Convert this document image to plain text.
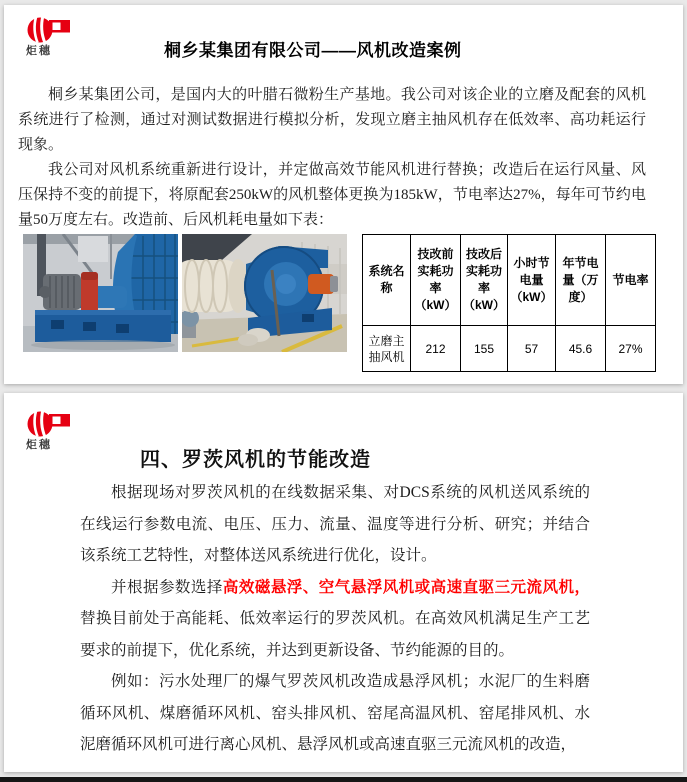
炬穗	桐乡某集团有限公司——风机改造案例

桐乡某集团公司，是国内大的叶腊石微粉生产基地。我公司对该企业的立磨及配套的风机系统进行了检测，通过对测试数据进行模拟分析，发现立磨主抽风机存在低效率、高功耗运行现象。

我公司对风机系统重新进行设计，并定做高效节能风机进行替换；改造后在运行风量、风压保持不变的前提下，将原配套250kW的风机整体更换为185kW，节电率达27%，每年可节约电量50万度左右。改造前、后风机耗电量如下表：

系统名称	技改前实耗功率（kW）	技改后实耗功率（kW）	小时节电量（kW）	年节电量（万度）	节电率
立磨主抽风机	212	155	57	45.6	27%
炬穗
四、罗茨风机的节能改造

根据现场对罗茨风机的在线数据采集、对DCS系统的风机送风系统的在线运行参数电流、电压、压力、流量、温度等进行分析、研究；并结合该系统工艺特性，对整体送风系统进行优化，设计。

并根据参数选择高效磁悬浮、空气悬浮风机或高速直驱三元流风机，替换目前处于高能耗、低效率运行的罗茨风机。在高效风机满足生产工艺要求的前提下，优化系统，并达到更新设备、节约能源的目的。

例如：污水处理厂的爆气罗茨风机改造成悬浮风机；水泥厂的生料磨循环风机、煤磨循环风机、窑头排风机、窑尾高温风机、窑尾排风机、水泥磨循环风机可进行离心风机、悬浮风机或高速直驱三元流风机的改造，
